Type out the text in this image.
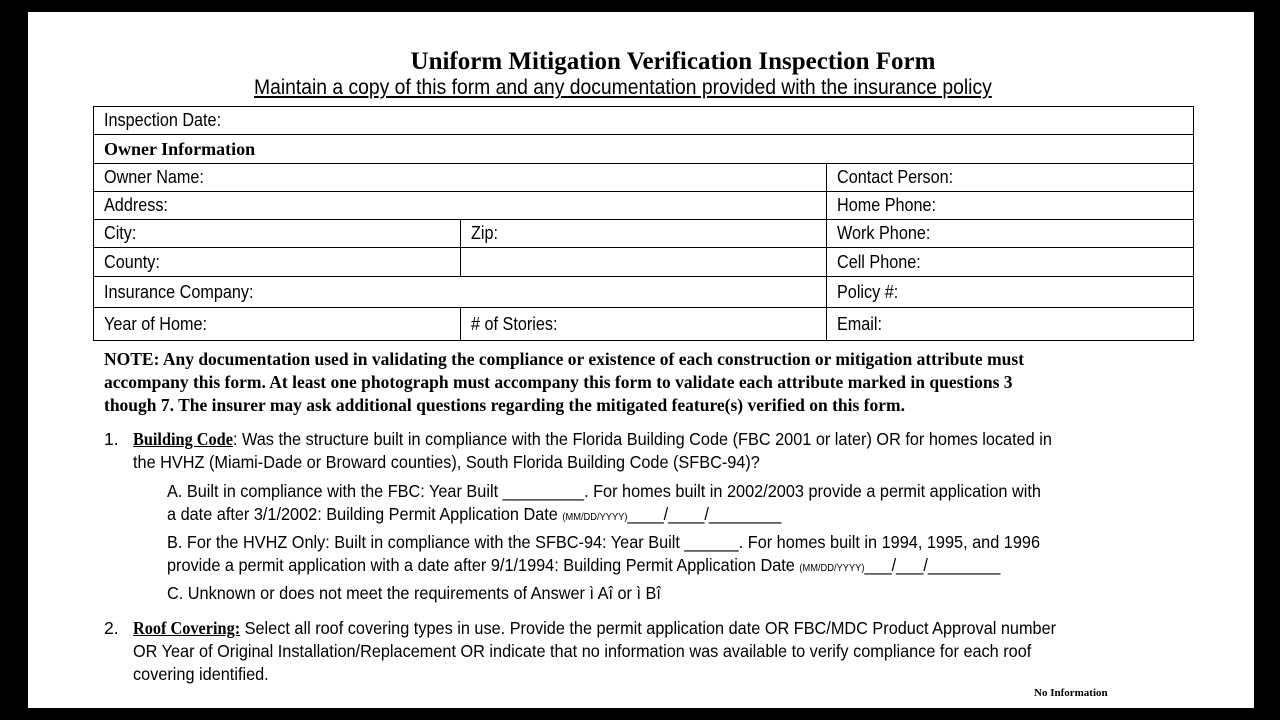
Uniform Mitigation Verification Inspection Form
Maintain a copy of this form and any documentation provided with the insurance policy
Inspection Date:		
Owner Information		
Owner Name:		Contact Person:
Address:		Home Phone:
City:	Zip:	Work Phone:
County:		Cell Phone:
Insurance Company:		Policy #:
Year of Home:	# of Stories:	Email:
NOTE: Any documentation used in validating the compliance or existence of each construction or mitigation attribute must
accompany this form. At least one photograph must accompany this form to validate each attribute marked in questions 3
though 7. The insurer may ask additional questions regarding the mitigated feature(s) verified on this form.
1. Building Code: Was the structure built in compliance with the Florida Building Code (FBC 2001 or later) OR for homes located in
the HVHZ (Miami-Dade or Broward counties), South Florida Building Code (SFBC-94)?
A. Built in compliance with the FBC: Year Built _________. For homes built in 2002/2003 provide a permit application with
a date after 3/1/2002: Building Permit Application Date (MM/DD/YYYY)____/____/________
B. For the HVHZ Only: Built in compliance with the SFBC-94: Year Built ______. For homes built in 1994, 1995, and 1996
provide a permit application with a date after 9/1/1994: Building Permit Application Date (MM/DD/YYYY)___/___/________
C. Unknown or does not meet the requirements of Answer ì Aî or ì Bî
2. Roof Covering: Select all roof covering types in use. Provide the permit application date OR FBC/MDC Product Approval number
OR Year of Original Installation/Replacement OR indicate that no information was available to verify compliance for each roof
covering identified.
No Information
